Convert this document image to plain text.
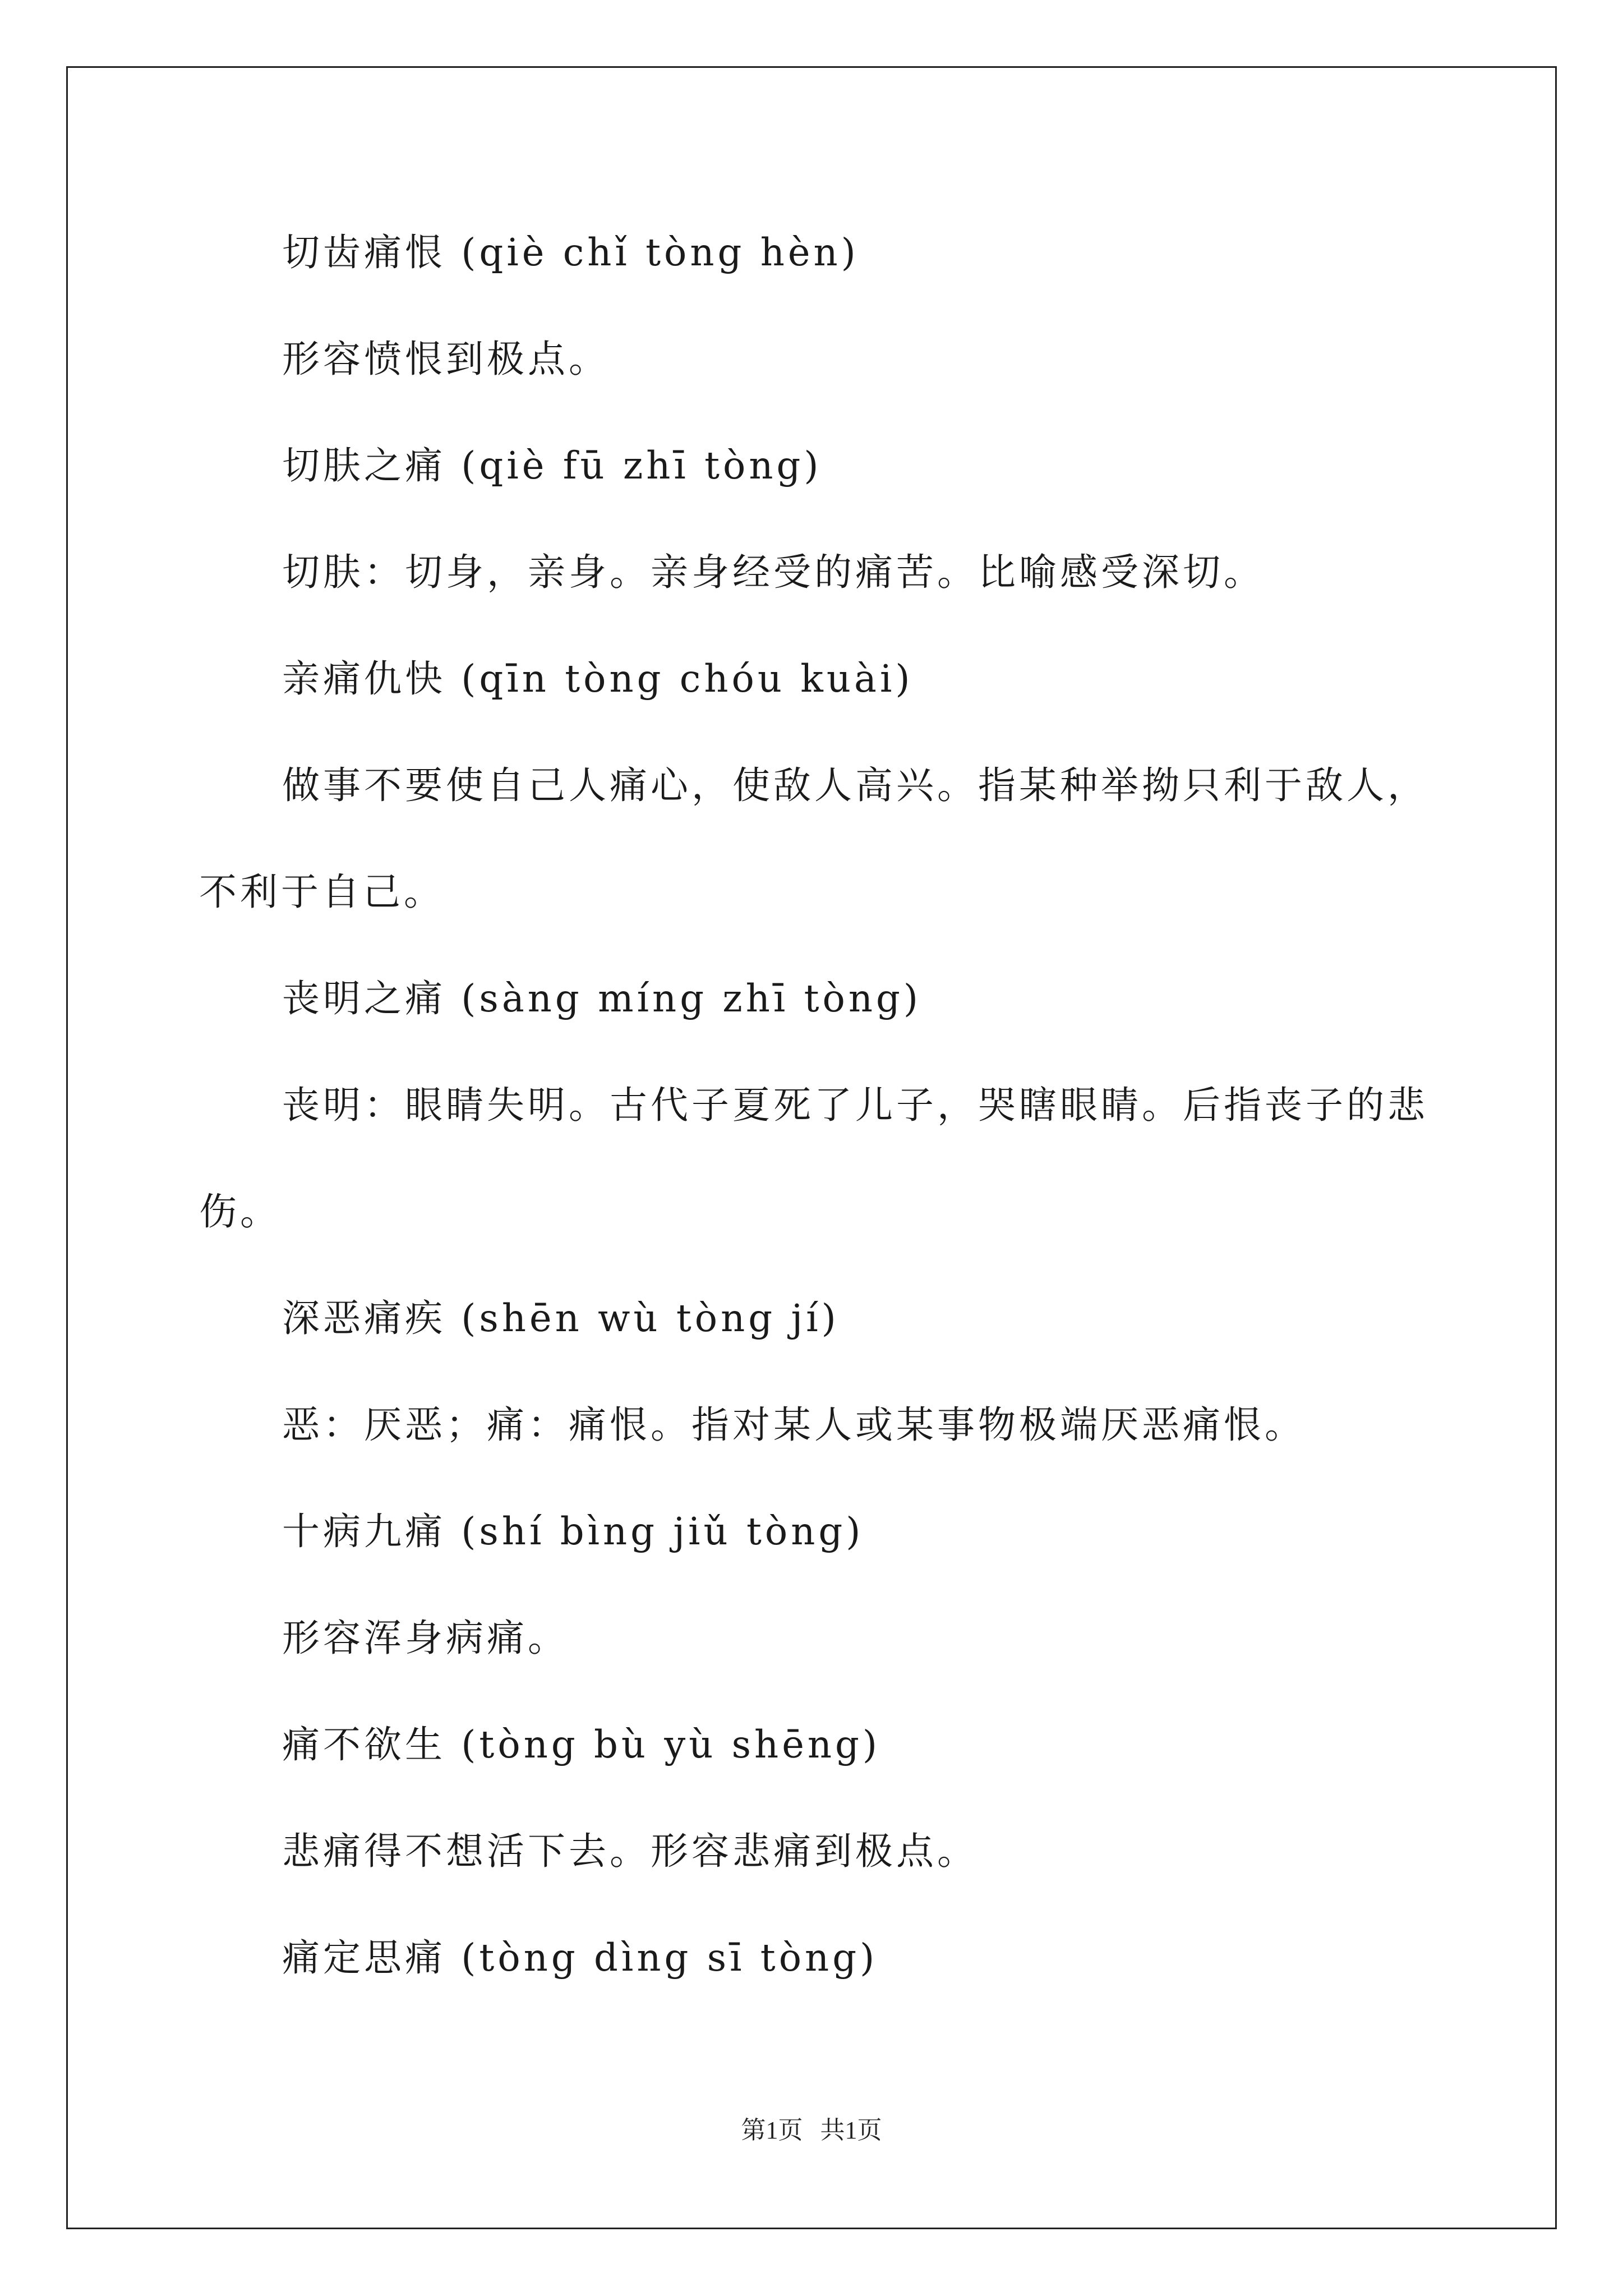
切齿痛恨 (qiè chǐ tòng hèn)
形容愤恨到极点。
切肤之痛 (qiè fū zhī tòng)
切肤：切身，亲身。亲身经受的痛苦。比喻感受深切。
亲痛仇快 (qīn tòng chóu kuài)
做事不要使自己人痛心，使敌人高兴。指某种举拗只利于敌人，
不利于自己。
丧明之痛 (sàng míng zhī tòng)
丧明：眼睛失明。古代子夏死了儿子，哭瞎眼睛。后指丧子的悲
伤。
深恶痛疾 (shēn wù tòng jí)
恶：厌恶；痛：痛恨。指对某人或某事物极端厌恶痛恨。
十病九痛 (shí bìng jiǔ tòng)
形容浑身病痛。
痛不欲生 (tòng bù yù shēng)
悲痛得不想活下去。形容悲痛到极点。
痛定思痛 (tòng dìng sī tòng)
第1页 共1页
